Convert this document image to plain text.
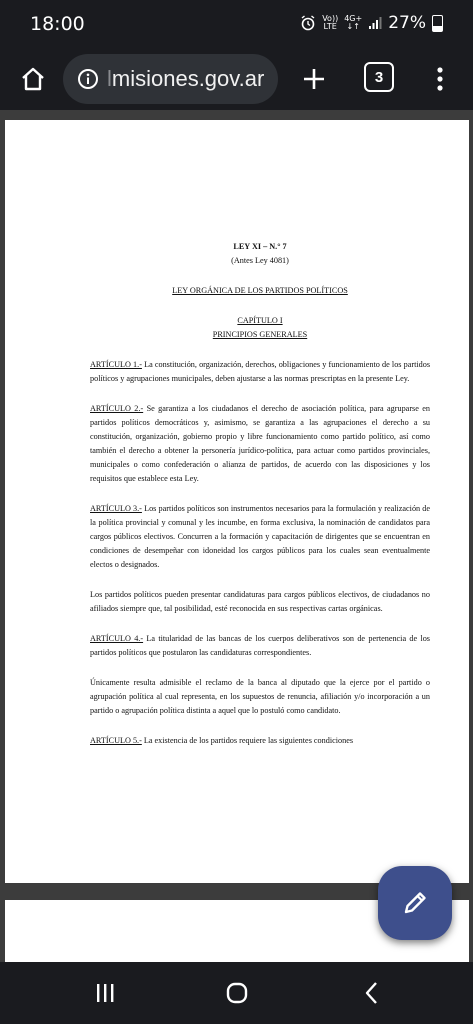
18:00	Vo))
LTE
4G+
↓↑ 27%
lmisiones.gov.ar	3
LEY XI – N.° 7
(Antes Ley 4081)
LEY ORGÁNICA DE LOS PARTIDOS POLÍTICOS
CAPÍTULO I
PRINCIPIOS GENERALES
ARTÍCULO 1.- La constitución, organización, derechos, obligaciones y funcionamiento de los partidos políticos y agrupaciones municipales, deben ajustarse a las normas prescriptas en la presente Ley.
ARTÍCULO 2.- Se garantiza a los ciudadanos el derecho de asociación política, para agruparse en partidos políticos democráticos y, asimismo, se garantiza a las agrupaciones el derecho a su constitución, organización, gobierno propio y libre funcionamiento como partido político, así como también el derecho a obtener la personería jurídico-política, para actuar como partidos provinciales, municipales o como confederación o alianza de partidos, de acuerdo con las disposiciones y los requisitos que establece esta Ley.
ARTÍCULO 3.- Los partidos políticos son instrumentos necesarios para la formulación y realización de la política provincial y comunal y les incumbe, en forma exclusiva, la nominación de candidatos para cargos públicos electivos. Concurren a la formación y capacitación de dirigentes que se encuentran en condiciones de desempeñar con idoneidad los cargos públicos para los cuales sean eventualmente electos o designados.
Los partidos políticos pueden presentar candidaturas para cargos públicos electivos, de ciudadanos no afiliados siempre que, tal posibilidad, esté reconocida en sus respectivas cartas orgánicas.
ARTÍCULO 4.- La titularidad de las bancas de los cuerpos deliberativos son de pertenencia de los partidos políticos que postularon las candidaturas correspondientes.
Únicamente resulta admisible el reclamo de la banca al diputado que la ejerce por el partido o agrupación política al cual representa, en los supuestos de renuncia, afiliación y/o incorporación a un partido o agrupación política distinta a aquel que lo postuló como candidato.
ARTÍCULO 5.- La existencia de los partidos requiere las siguientes condiciones
